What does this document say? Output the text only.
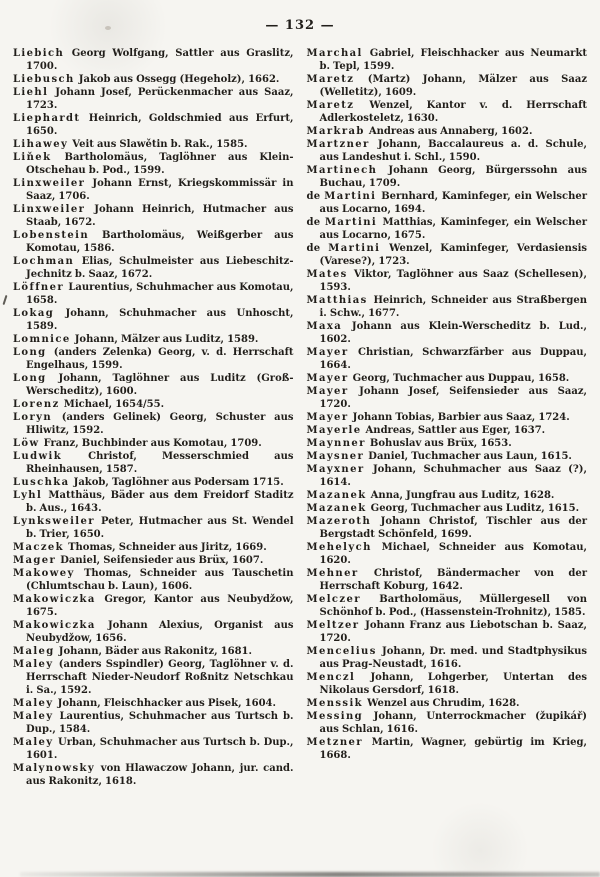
— 132 —
Liebich Georg Wolfgang, Sattler aus Graslitz, 1700.
Liebusch Jakob aus Ossegg (Hegeholz), 1662.
Liehl Johann Josef, Perückenmacher aus Saaz, 1723.
Liephardt Heinrich, Goldschmied aus Erfurt, 1650.
Lihawey Veit aus Slawětin b. Rak., 1585.
Liňek Bartholomäus, Taglöhner aus Klein-Otschehau b. Pod., 1599.
Linxweiler Johann Ernst, Kriegskommissär in Saaz, 1706.
Linxweiler Johann Heinrich, Hutmacher aus Staab, 1672.
Lobenstein Bartholomäus, Weißgerber aus Komotau, 1586.
Lochman Elias, Schulmeister aus Liebeschitz-Jechnitz b. Saaz, 1672.
Löffner Laurentius, Schuhmacher aus Komotau, 1658.
Lokag Johann, Schuhmacher aus Unhoscht, 1589.
Lomnice Johann, Mälzer aus Luditz, 1589.
Long (anders Zelenka) Georg, v. d. Herrschaft Engelhaus, 1599.
Long Johann, Taglöhner aus Luditz (Groß-Werscheditz), 1600.
Lorenz Michael, 1654/55.
Loryn (anders Gelinek) Georg, Schuster aus Hliwitz, 1592.
Löw Franz, Buchbinder aus Komotau, 1709.
Ludwik Christof, Messerschmied aus Rheinhausen, 1587.
Luschka Jakob, Taglöhner aus Podersam 1715.
Lyhl Matthäus, Bäder aus dem Freidorf Staditz b. Aus., 1643.
Lynksweiler Peter, Hutmacher aus St. Wendel b. Trier, 1650.
Maczek Thomas, Schneider aus Jiritz, 1669.
Mager Daniel, Seifensieder aus Brüx, 1607.
Makowey Thomas, Schneider aus Tauschetin (Chlumtschau b. Laun), 1606.
Makowiczka Gregor, Kantor aus Neubydžow, 1675.
Makowiczka Johann Alexius, Organist aus Neubydžow, 1656.
Maleg Johann, Bäder aus Rakonitz, 1681.
Maley (anders Sspindler) Georg, Taglöhner v. d. Herrschaft Nieder-Neudorf Roßnitz Netschkau i. Sa., 1592.
Maley Johann, Fleischhacker aus Pisek, 1604.
Maley Laurentius, Schuhmacher aus Turtsch b. Dup., 1584.
Maley Urban, Schuhmacher aus Turtsch b. Dup., 1601.
Malynowsky von Hlawaczow Johann, jur. cand. aus Rakonitz, 1618.
Marchal Gabriel, Fleischhacker aus Neumarkt b. Tepl, 1599.
Maretz (Martz) Johann, Mälzer aus Saaz (Welletitz), 1609.
Maretz Wenzel, Kantor v. d. Herrschaft Adlerkosteletz, 1630.
Markrab Andreas aus Annaberg, 1602.
Martzner Johann, Baccalaureus a. d. Schule, aus Landeshut i. Schl., 1590.
Martinech Johann Georg, Bürgerssohn aus Buchau, 1709.
de Martini Bernhard, Kaminfeger, ein Welscher aus Locarno, 1694.
de Martini Matthias, Kaminfeger, ein Welscher aus Locarno, 1675.
de Martini Wenzel, Kaminfeger, Verdasiensis (Varese?), 1723.
Mates Viktor, Taglöhner aus Saaz (Schellesen), 1593.
Matthias Heinrich, Schneider aus Straßbergen i. Schw., 1677.
Maxa Johann aus Klein-Werscheditz b. Lud., 1602.
Mayer Christian, Schwarzfärber aus Duppau, 1664.
Mayer Georg, Tuchmacher aus Duppau, 1658.
Mayer Johann Josef, Seifensieder aus Saaz, 1720.
Mayer Johann Tobias, Barbier aus Saaz, 1724.
Mayerle Andreas, Sattler aus Eger, 1637.
Maynner Bohuslav aus Brüx, 1653.
Maysner Daniel, Tuchmacher aus Laun, 1615.
Mayxner Johann, Schuhmacher aus Saaz (?), 1614.
Mazanek Anna, Jungfrau aus Luditz, 1628.
Mazanek Georg, Tuchmacher aus Luditz, 1615.
Mazeroth Johann Christof, Tischler aus der Bergstadt Schönfeld, 1699.
Mehelych Michael, Schneider aus Komotau, 1620.
Mehner Christof, Bändermacher von der Herrschaft Koburg, 1642.
Melczer Bartholomäus, Müllergesell von Schönhof b. Pod., (Hassenstein-Trohnitz), 1585.
Meltzer Johann Franz aus Liebotschan b. Saaz, 1720.
Mencelius Johann, Dr. med. und Stadtphysikus aus Prag-Neustadt, 1616.
Menczl Johann, Lohgerber, Untertan des Nikolaus Gersdorf, 1618.
Menssik Wenzel aus Chrudim, 1628.
Messing Johann, Unterrockmacher (župikář) aus Schlan, 1616.
Metzner Martin, Wagner, gebürtig im Krieg, 1668.
